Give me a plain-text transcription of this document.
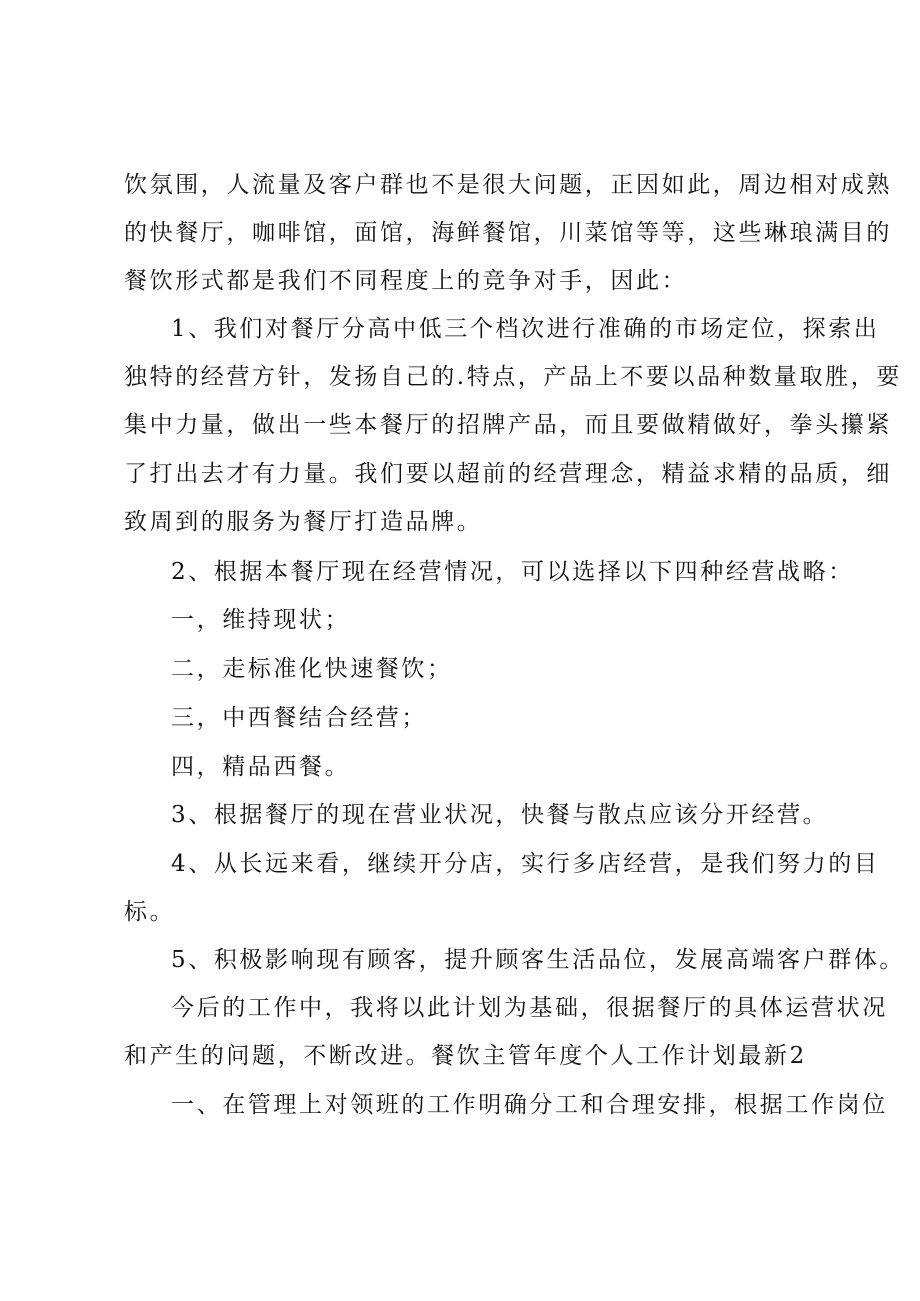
饮氛围，人流量及客户群也不是很大问题，正因如此，周边相对成熟
的快餐厅，咖啡馆，面馆，海鲜餐馆，川菜馆等等，这些琳琅满目的
餐饮形式都是我们不同程度上的竞争对手，因此：
1、我们对餐厅分高中低三个档次进行准确的市场定位，探索出
独特的经营方针，发扬自己的.特点，产品上不要以品种数量取胜，要
集中力量，做出一些本餐厅的招牌产品，而且要做精做好，拳头攥紧
了打出去才有力量。我们要以超前的经营理念，精益求精的品质，细
致周到的服务为餐厅打造品牌。
2、根据本餐厅现在经营情况，可以选择以下四种经营战略：
一，维持现状；
二，走标准化快速餐饮；
三，中西餐结合经营；
四，精品西餐。
3、根据餐厅的现在营业状况，快餐与散点应该分开经营。
4、从长远来看，继续开分店，实行多店经营，是我们努力的目
标。
5、积极影响现有顾客，提升顾客生活品位，发展高端客户群体。
今后的工作中，我将以此计划为基础，很据餐厅的具体运营状况
和产生的问题，不断改进。餐饮主管年度个人工作计划最新2
一、在管理上对领班的工作明确分工和合理安排，根据工作岗位
